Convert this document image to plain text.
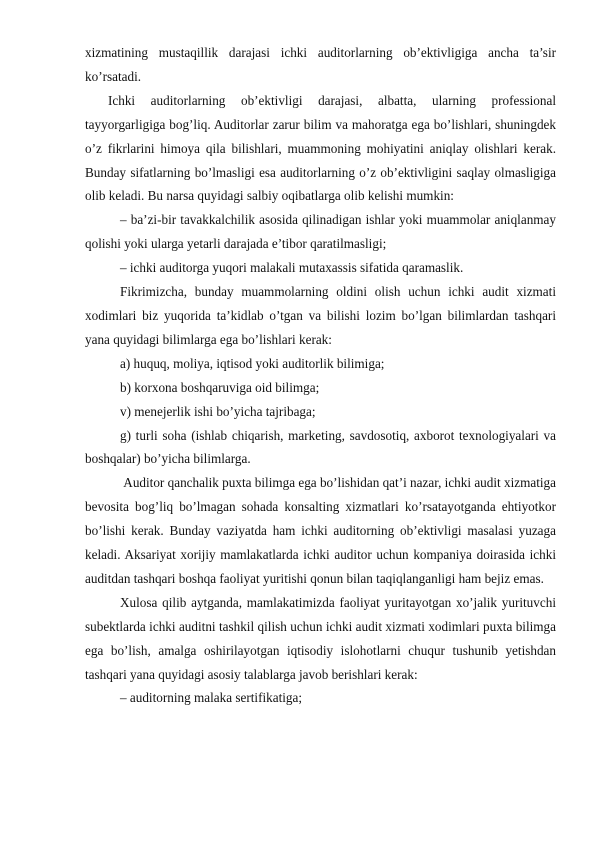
xizmatining mustaqillik darajasi ichki auditorlarning ob’ektivligiga ancha ta’sir ko’rsatadi.

Ichki auditorlarning ob’ektivligi darajasi, albatta, ularning professional tayyorgarligiga bog’liq. Auditorlar zarur bilim va mahoratga ega bo’lishlari, shuningdek o’z fikrlarini himoya qila bilishlari, muammoning mohiyatini aniqlay olishlari kerak. Bunday sifatlarning bo’lmasligi esa auditorlarning o’z ob’ektivligini saqlay olmasligiga olib keladi. Bu narsa quyidagi salbiy oqibatlarga olib kelishi mumkin:

– ba’zi-bir tavakkalchilik asosida qilinadigan ishlar yoki muammolar aniqlanmay qolishi yoki ularga yetarli darajada e’tibor qaratilmasligi;

– ichki auditorga yuqori malakali mutaxassis sifatida qaramaslik.

Fikrimizcha, bunday muammolarning oldini olish uchun ichki audit xizmati xodimlari biz yuqorida ta’kidlab o’tgan va bilishi lozim bo’lgan bilimlardan tashqari yana quyidagi bilimlarga ega bo’lishlari kerak:

a) huquq, moliya, iqtisod yoki auditorlik bilimiga;

b) korxona boshqaruviga oid bilimga;

v) menejerlik ishi bo’yicha tajribaga;

g) turli soha (ishlab chiqarish, marketing, savdosotiq, axborot texnologiyalari va boshqalar) bo’yicha bilimlarga.

Auditor qanchalik puxta bilimga ega bo’lishidan qat’i nazar, ichki audit xizmatiga bevosita bog’liq bo’lmagan sohada konsalting xizmatlari ko’rsatayotganda ehtiyotkor bo’lishi kerak. Bunday vaziyatda ham ichki auditorning ob’ektivligi masalasi yuzaga keladi. Aksariyat xorijiy mamlakatlarda ichki auditor uchun kompaniya doirasida ichki auditdan tashqari boshqa faoliyat yuritishi qonun bilan taqiqlanganligi ham bejiz emas.

Xulosa qilib aytganda, mamlakatimizda faoliyat yuritayotgan xo’jalik yurituvchi subektlarda ichki auditni tashkil qilish uchun ichki audit xizmati xodimlari puxta bilimga ega bo’lish, amalga oshirilayotgan iqtisodiy islohotlarni chuqur tushunib yetishdan tashqari yana quyidagi asosiy talablarga javob berishlari kerak:

– auditorning malaka sertifikatiga;
